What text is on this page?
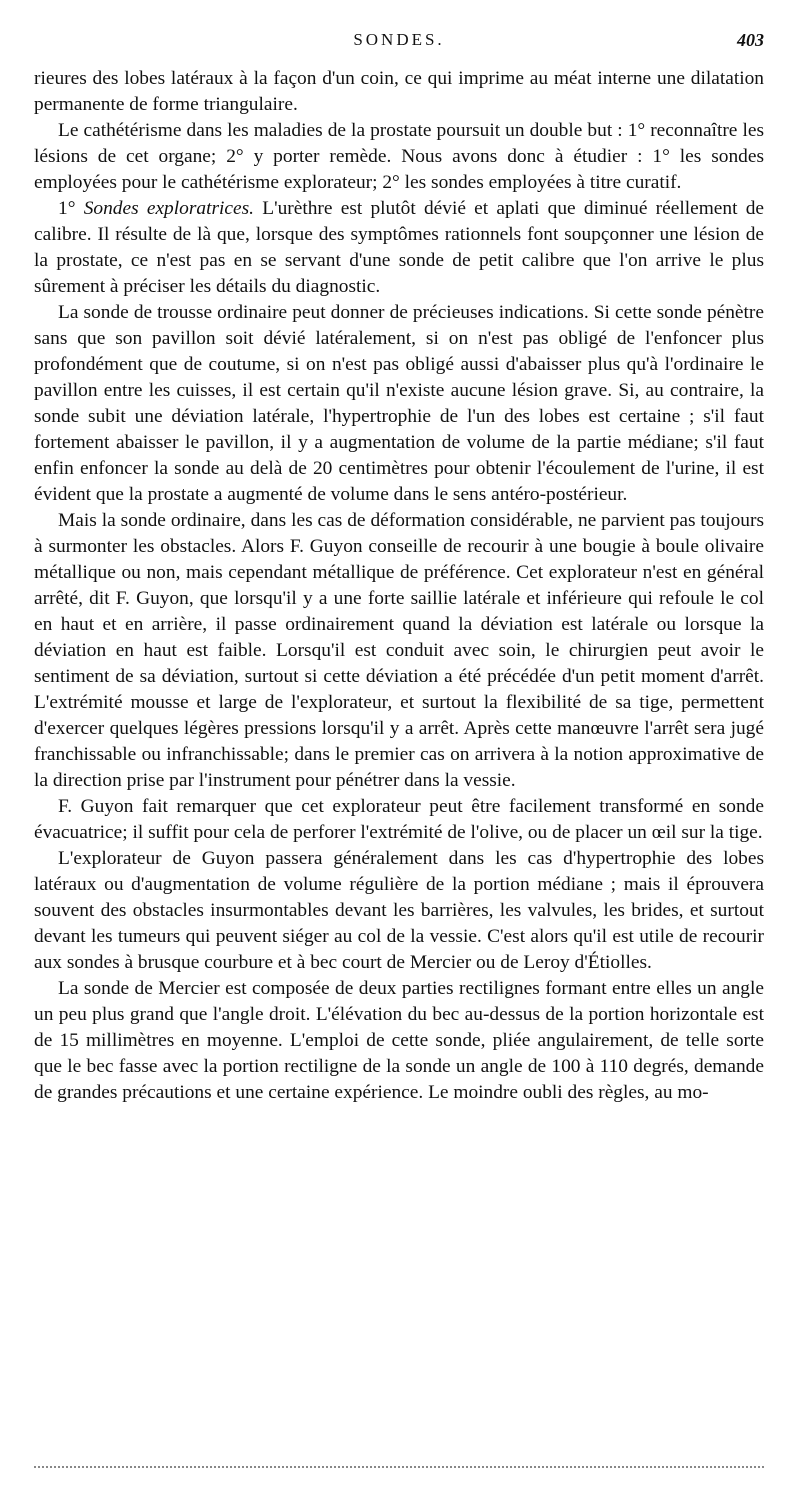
SONDES.	403

rieures des lobes latéraux à la façon d'un coin, ce qui imprime au méat interne une dilatation permanente de forme triangulaire.

Le cathétérisme dans les maladies de la prostate poursuit un double but : 1° reconnaître les lésions de cet organe; 2° y porter remède. Nous avons donc à étudier : 1° les sondes employées pour le cathétérisme explorateur; 2° les sondes employées à titre curatif.

1° Sondes exploratrices. L'urèthre est plutôt dévié et aplati que diminué réellement de calibre. Il résulte de là que, lorsque des symptômes rationnels font soupçonner une lésion de la prostate, ce n'est pas en se servant d'une sonde de petit calibre que l'on arrive le plus sûrement à préciser les détails du diagnostic.

La sonde de trousse ordinaire peut donner de précieuses indications. Si cette sonde pénètre sans que son pavillon soit dévié latéralement, si on n'est pas obligé de l'enfoncer plus profondément que de coutume, si on n'est pas obligé aussi d'abaisser plus qu'à l'ordinaire le pavillon entre les cuisses, il est certain qu'il n'existe aucune lésion grave. Si, au contraire, la sonde subit une déviation latérale, l'hypertrophie de l'un des lobes est certaine ; s'il faut fortement abaisser le pavillon, il y a augmentation de volume de la partie médiane; s'il faut enfin enfoncer la sonde au delà de 20 centimètres pour obtenir l'écoulement de l'urine, il est évident que la prostate a augmenté de volume dans le sens antéro-postérieur.

Mais la sonde ordinaire, dans les cas de déformation considérable, ne parvient pas toujours à surmonter les obstacles. Alors F. Guyon conseille de recourir à une bougie à boule olivaire métallique ou non, mais cependant métallique de préférence. Cet explorateur n'est en général arrêté, dit F. Guyon, que lorsqu'il y a une forte saillie latérale et inférieure qui refoule le col en haut et en arrière, il passe ordinairement quand la déviation est latérale ou lorsque la déviation en haut est faible. Lorsqu'il est conduit avec soin, le chirurgien peut avoir le sentiment de sa déviation, surtout si cette déviation a été précédée d'un petit moment d'arrêt. L'extrémité mousse et large de l'explorateur, et surtout la flexibilité de sa tige, permettent d'exercer quelques légères pressions lorsqu'il y a arrêt. Après cette manœuvre l'arrêt sera jugé franchissable ou infranchissable; dans le premier cas on arrivera à la notion approximative de la direction prise par l'instrument pour pénétrer dans la vessie.

F. Guyon fait remarquer que cet explorateur peut être facilement transformé en sonde évacuatrice; il suffit pour cela de perforer l'extrémité de l'olive, ou de placer un œil sur la tige.

L'explorateur de Guyon passera généralement dans les cas d'hypertrophie des lobes latéraux ou d'augmentation de volume régulière de la portion médiane ; mais il éprouvera souvent des obstacles insurmontables devant les barrières, les valvules, les brides, et surtout devant les tumeurs qui peuvent siéger au col de la vessie. C'est alors qu'il est utile de recourir aux sondes à brusque courbure et à bec court de Mercier ou de Leroy d'Étiolles.

La sonde de Mercier est composée de deux parties rectilignes formant entre elles un angle un peu plus grand que l'angle droit. L'élévation du bec au-dessus de la portion horizontale est de 15 millimètres en moyenne. L'emploi de cette sonde, pliée angulairement, de telle sorte que le bec fasse avec la portion rectiligne de la sonde un angle de 100 à 110 degrés, demande de grandes précautions et une certaine expérience. Le moindre oubli des règles, au mo-
